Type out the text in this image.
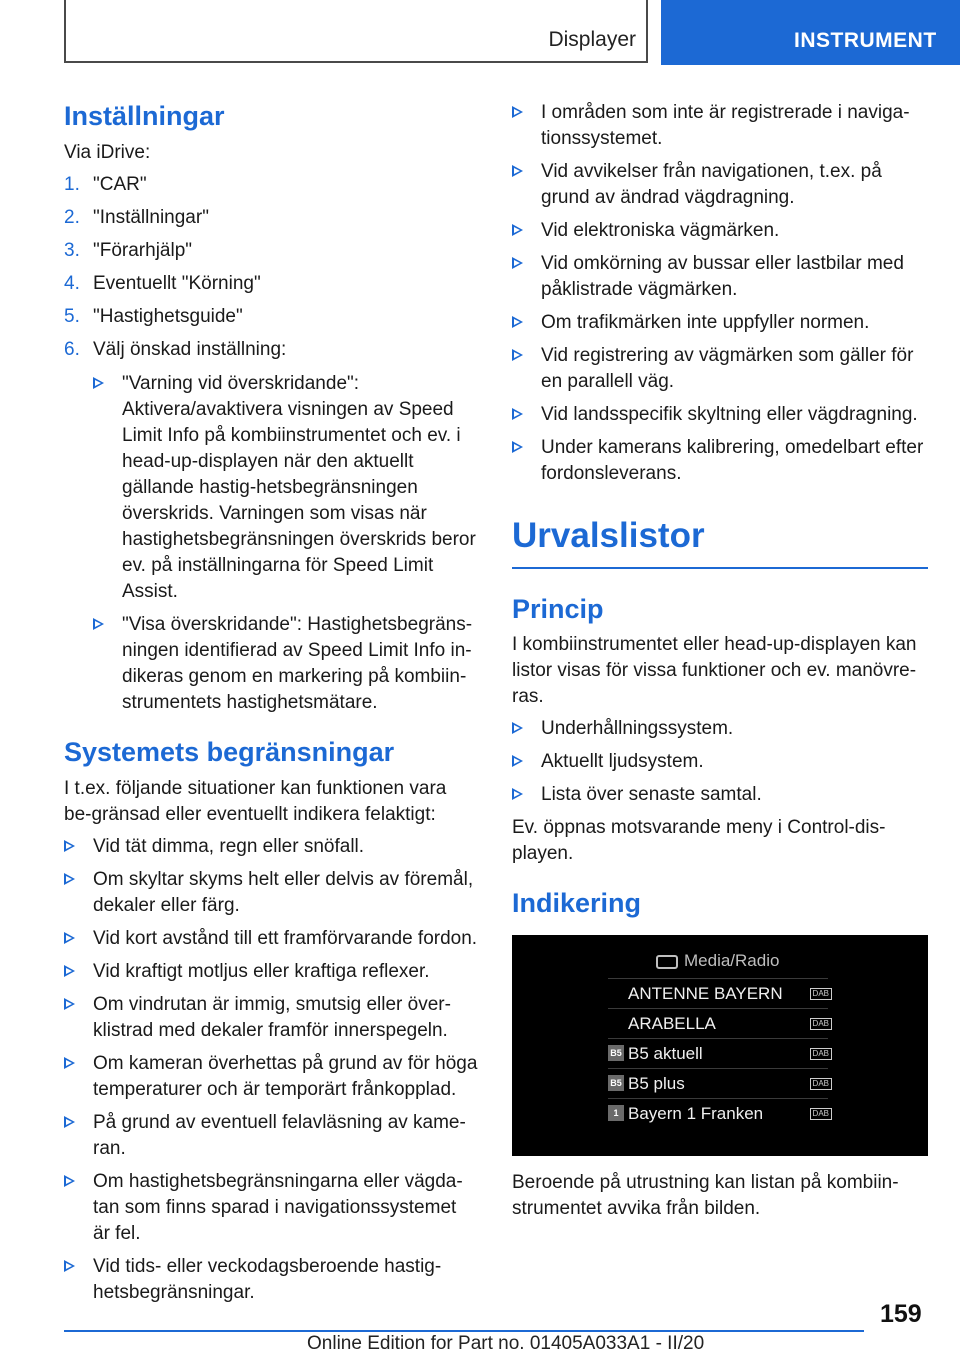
Displayer	INSTRUMENT
Inställningar

Via iDrive:

1. "CAR"
2. "Inställningar"
3. "Förarhjälp"
4. Eventuellt "Körning"
5. "Hastighetsguide"
6. Välj önskad inställning:
"Varning vid överskridande": Aktivera/avaktivera visningen av Speed Limit Info på kombiinstrumentet och ev. i head-up-displayen när den aktuellt gällande hastig-hetsbegränsningen överskrids. Varningen som visas när hastighetsbegränsningen överskrids beror ev. på inställningarna för Speed Limit Assist.
"Visa överskridande": Hastighetsbegräns-ningen identifierad av Speed Limit Info in-dikeras genom en markering på kombiin-strumentets hastighetsmätare.
Systemets begränsningar

I t.ex. följande situationer kan funktionen vara be-gränsad eller eventuellt indikera felaktigt:

Vid tät dimma, regn eller snöfall.
Om skyltar skyms helt eller delvis av föremål, dekaler eller färg.
Vid kort avstånd till ett framförvarande fordon.
Vid kraftigt motljus eller kraftiga reflexer.
Om vindrutan är immig, smutsig eller över-klistrad med dekaler framför innerspegeln.
Om kameran överhettas på grund av för höga temperaturer och är temporärt frånkopplad.
På grund av eventuell felavläsning av kame-ran.
Om hastighetsbegränsningarna eller vägda-tan som finns sparad i navigationssystemet är fel.
Vid tids- eller veckodagsberoende hastig-hetsbegränsningar.
I områden som inte är registrerade i naviga-tionssystemet.
Vid avvikelser från navigationen, t.ex. på grund av ändrad vägdragning.
Vid elektroniska vägmärken.
Vid omkörning av bussar eller lastbilar med påklistrade vägmärken.
Om trafikmärken inte uppfyller normen.
Vid registrering av vägmärken som gäller för en parallell väg.
Vid landsspecifik skyltning eller vägdragning.
Under kamerans kalibrering, omedelbart efter fordonsleverans.
Urvalslistor
Princip

I kombiinstrumentet eller head-up-displayen kan listor visas för vissa funktioner och ev. manövre-ras.

Underhållningssystem.
Aktuellt ljudsystem.
Lista över senaste samtal.

Ev. öppnas motsvarande meny i Control-dis-playen.

Indikering
Media/Radio
ANTENNE BAYERN	DAB
ARABELLA	DAB
B5 B5 aktuell	DAB
B5 B5 plus	DAB
1 Bayern 1 Franken	DAB

Beroende på utrustning kan listan på kombiin-strumentet avvika från bilden.

159
Online Edition for Part no. 01405A033A1 - II/20
